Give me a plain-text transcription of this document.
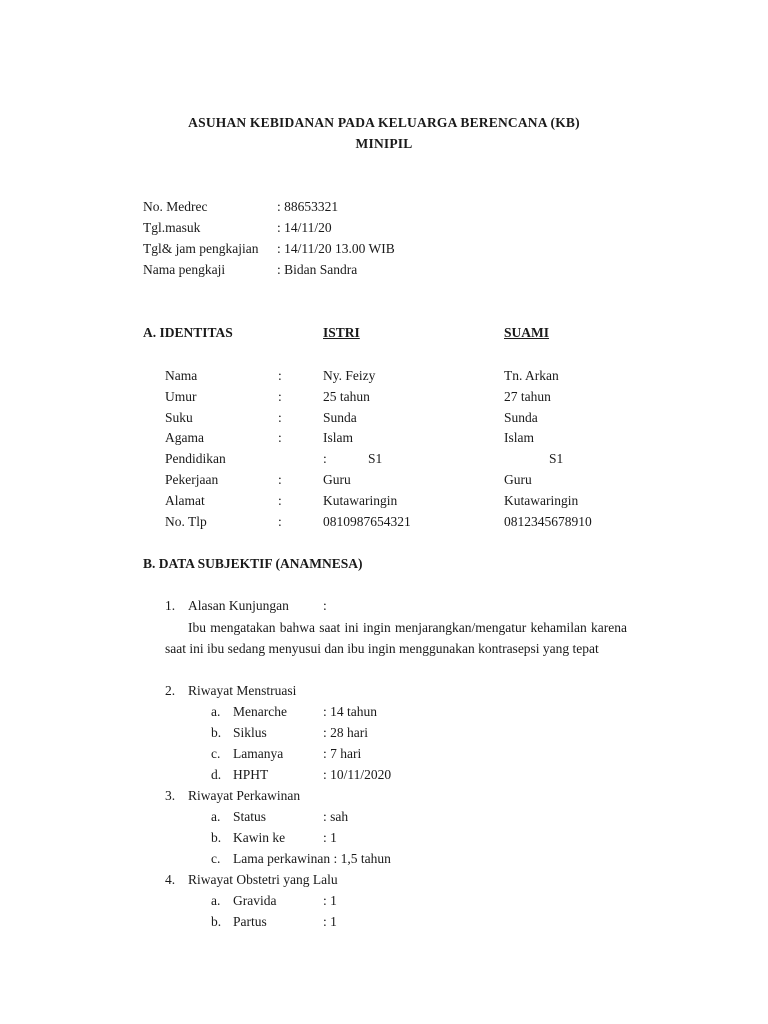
ASUHAN KEBIDANAN PADA KELUARGA BERENCANA (KB)
MINIPIL
No. Medrec	: 88653321
Tgl.masuk	: 14/11/20
Tgl& jam pengkajian : 14/11/20 13.00 WIB
Nama pengkaji	: Bidan Sandra
A. IDENTITAS	ISTRI	SUAMI
Nama	:	Ny. Feizy	Tn. Arkan
Umur	:	25 tahun	27 tahun
Suku	:	Sunda	Sunda
Agama	:	Islam	Islam
Pendidikan	:	S1	S1
Pekerjaan	:	Guru	Guru
Alamat	:	Kutawaringin	Kutawaringin
No. Tlp	:	0810987654321	0812345678910
B. DATA SUBJEKTIF (ANAMNESA)
1. Alasan Kunjungan	:
Ibu mengatakan bahwa saat ini ingin menjarangkan/mengatur kehamilan karena saat ini ibu sedang menyusui dan ibu ingin menggunakan kontrasepsi yang tepat
2. Riwayat Menstruasi
a. Menarche	: 14 tahun
b. Siklus	: 28 hari
c. Lamanya	: 7 hari
d. HPHT	: 10/11/2020
3. Riwayat Perkawinan
a. Status	: sah
b. Kawin ke	: 1
c. Lama perkawinan : 1,5 tahun
4. Riwayat Obstetri yang Lalu
a. Gravida	: 1
b. Partus	: 1
